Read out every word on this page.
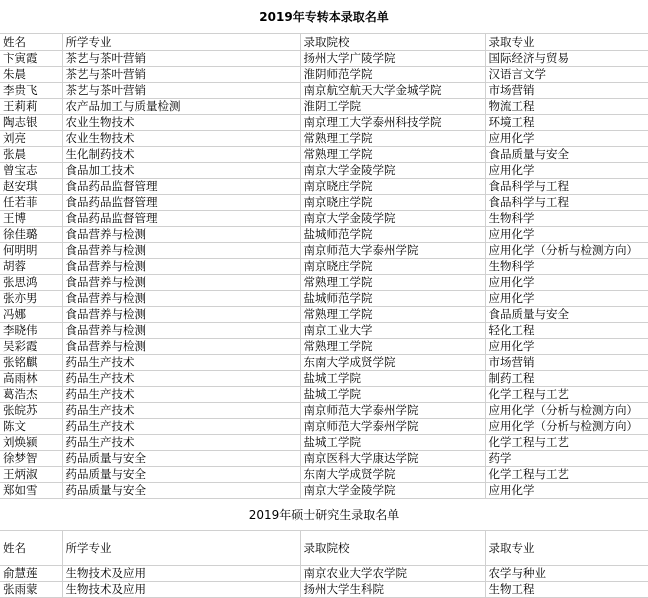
2019年专转本录取名单
姓名	所学专业	录取院校	录取专业
卞寅霞	茶艺与茶叶营销	扬州大学广陵学院	国际经济与贸易
朱晨	茶艺与茶叶营销	淮阴师范学院	汉语言文学
李贵飞	茶艺与茶叶营销	南京航空航天大学金城学院	市场营销
王莉莉	农产品加工与质量检测	淮阴工学院	物流工程
陶志银	农业生物技术	南京理工大学泰州科技学院	环境工程
刘亮	农业生物技术	常熟理工学院	应用化学
张晨	生化制药技术	常熟理工学院	食品质量与安全
曾宝志	食品加工技术	南京大学金陵学院	应用化学
赵安琪	食品药品监督管理	南京晓庄学院	食品科学与工程
任若菲	食品药品监督管理	南京晓庄学院	食品科学与工程
王博	食品药品监督管理	南京大学金陵学院	生物科学
徐佳璐	食品营养与检测	盐城师范学院	应用化学
何明明	食品营养与检测	南京师范大学泰州学院	应用化学（分析与检测方向）
胡蓉	食品营养与检测	南京晓庄学院	生物科学
张思鸿	食品营养与检测	常熟理工学院	应用化学
张亦男	食品营养与检测	盐城师范学院	应用化学
冯娜	食品营养与检测	常熟理工学院	食品质量与安全
李晓伟	食品营养与检测	南京工业大学	轻化工程
吴彩霞	食品营养与检测	常熟理工学院	应用化学
张铭麒	药品生产技术	东南大学成贤学院	市场营销
高雨林	药品生产技术	盐城工学院	制药工程
葛浩杰	药品生产技术	盐城工学院	化学工程与工艺
张皖苏	药品生产技术	南京师范大学泰州学院	应用化学（分析与检测方向）
陈文	药品生产技术	南京师范大学泰州学院	应用化学（分析与检测方向）
刘焕颍	药品生产技术	盐城工学院	化学工程与工艺
徐梦智	药品质量与安全	南京医科大学康达学院	药学
王炳淑	药品质量与安全	东南大学成贤学院	化学工程与工艺
郑如雪	药品质量与安全	南京大学金陵学院	应用化学
2019年硕士研究生录取名单
姓名	所学专业	录取院校	录取专业
俞慧莲	生物技术及应用	南京农业大学农学院	农学与种业
张雨蒙	生物技术及应用	扬州大学生科院	生物工程
